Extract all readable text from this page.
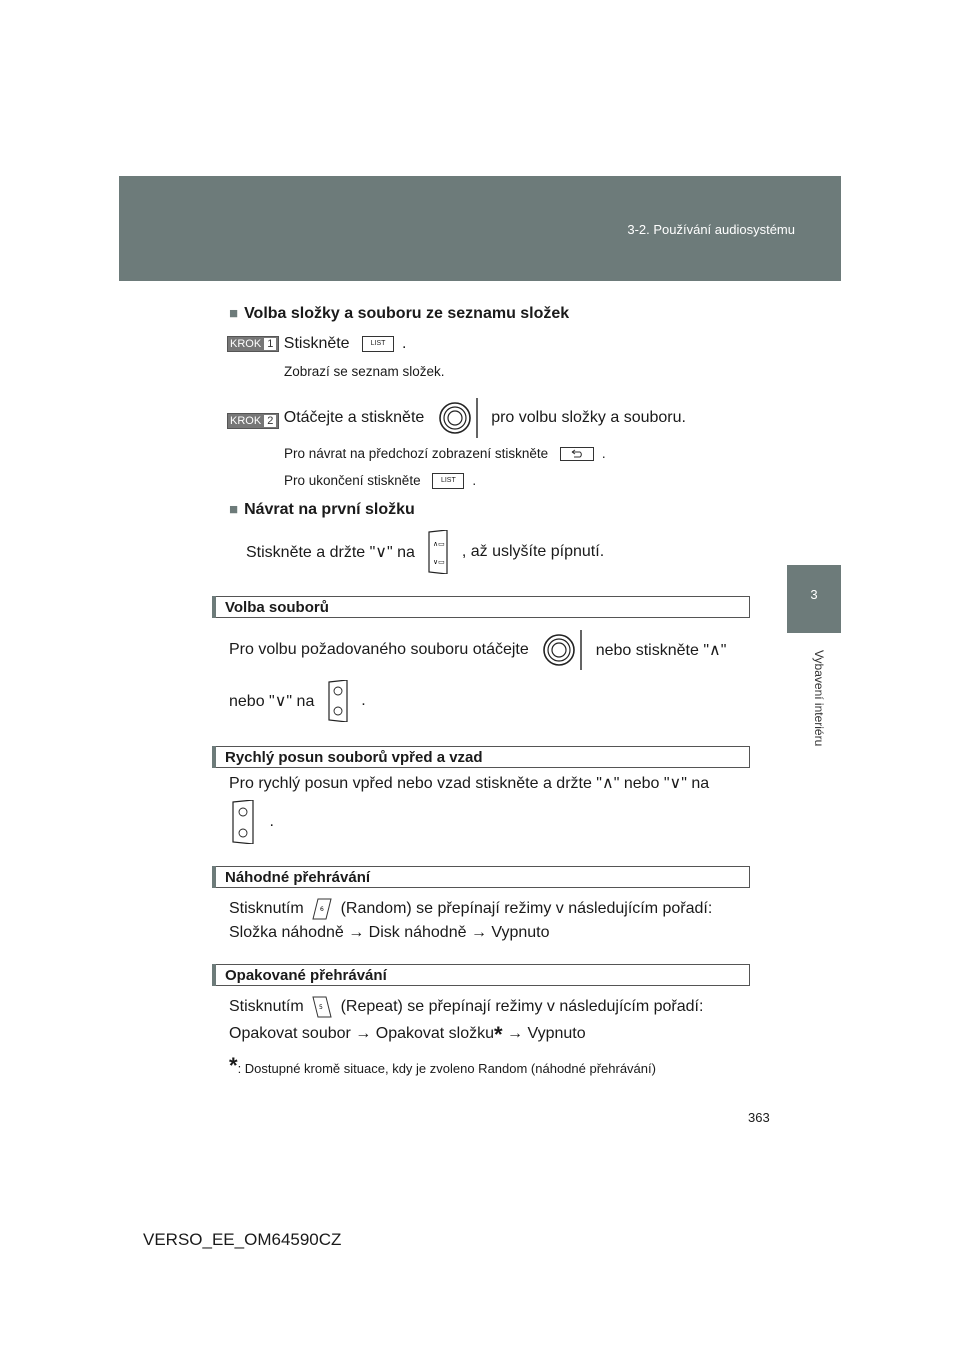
3-2. Používání audiosystému
3
Vybavení interiéru
■ Volba složky a souboru ze seznamu složek
KROK 1 Stiskněte	LIST .
Zobrazí se seznam složek.
KROK 2 Otáčejte a stiskněte	pro volbu složky a souboru.
Pro návrat na předchozí zobrazení stiskněte	.
Pro ukončení stiskněte	LIST .
■ Návrat na první složku
Stiskněte a držte "∨" na	∧▭
∨▭
, až uslyšíte pípnutí.
Volba souborů
Pro volbu požadovaného souboru otáčejte	nebo stiskněte "∧"
nebo "∨" na	.
Rychlý posun souborů vpřed a vzad
Pro rychlý posun vpřed nebo vzad stiskněte a držte "∧" nebo "∨" na
.
Náhodné přehrávání
Stisknutím	6 (Random) se přepínají režimy v následujícím pořadí:
Složka náhodně → Disk náhodně → Vypnuto
Opakované přehrávání
Stisknutím	5 (Repeat) se přepínají režimy v následujícím pořadí:
Opakovat soubor → Opakovat složku* → Vypnuto
*: Dostupné kromě situace, kdy je zvoleno Random (náhodné přehrávání)
363
VERSO_EE_OM64590CZ
